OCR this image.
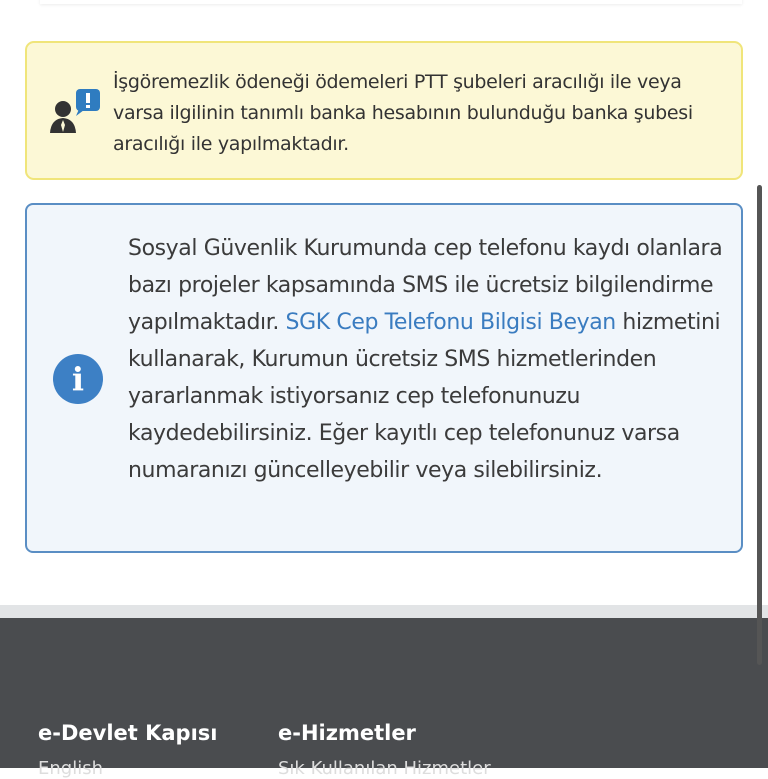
İşgöremezlik ödeneği ödemeleri PTT şubeleri aracılığı ile veya varsa ilgilinin tanımlı banka hesabının bulunduğu banka şubesi aracılığı ile yapılmaktadır.
i
Sosyal Güvenlik Kurumunda cep telefonu kaydı olanlara bazı projeler kapsamında SMS ile ücretsiz bilgilendirme yapılmaktadır. SGK Cep Telefonu Bilgisi Beyan hizmetini kullanarak, Kurumun ücretsiz SMS hizmetlerinden yararlanmak istiyorsanız cep telefonunuzu kaydedebilirsiniz. Eğer kayıtlı cep telefonunuz varsa numaranızı güncelleyebilir veya silebilirsiniz.
e-Devlet Kapısı
English
e-Hizmetler
Sık Kullanılan Hizmetler
